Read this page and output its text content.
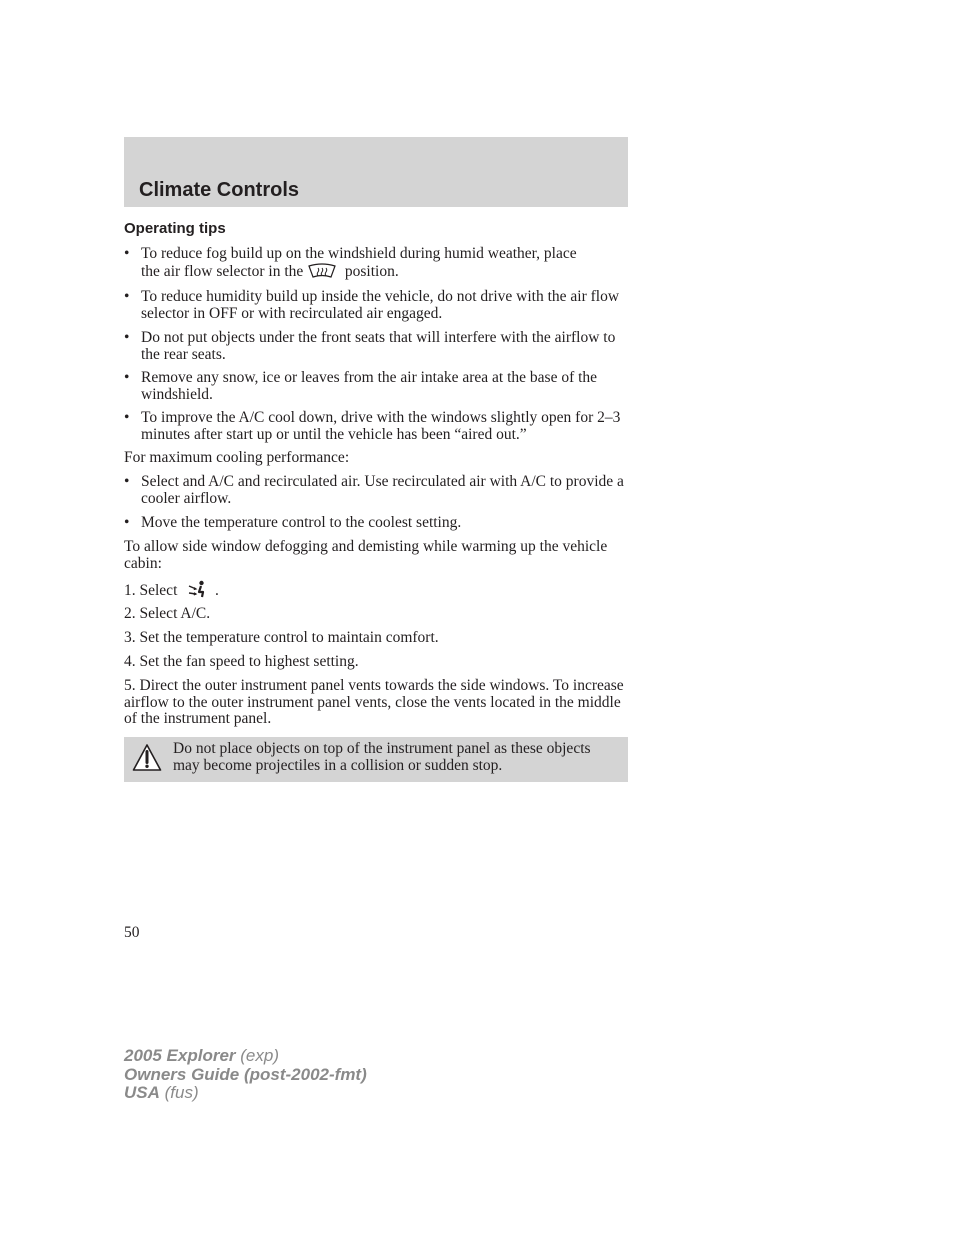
Climate Controls
Operating tips
• To reduce fog build up on the windshield during humid weather, place
the air flow selector in the	position.
• To reduce humidity build up inside the vehicle, do not drive with the air flow selector in OFF or with recirculated air engaged.
• Do not put objects under the front seats that will interfere with the airflow to the rear seats.
• Remove any snow, ice or leaves from the air intake area at the base of the windshield.
• To improve the A/C cool down, drive with the windows slightly open for 2–3 minutes after start up or until the vehicle has been “aired out.”
For maximum cooling performance:
• Select and A/C and recirculated air. Use recirculated air with A/C to provide a cooler airflow.
• Move the temperature control to the coolest setting.
To allow side window defogging and demisting while warming up the vehicle cabin:
1. Select .
2. Select A/C.
3. Set the temperature control to maintain comfort.
4. Set the fan speed to highest setting.
5. Direct the outer instrument panel vents towards the side windows. To increase airflow to the outer instrument panel vents, close the vents located in the middle of the instrument panel.
Do not place objects on top of the instrument panel as these objects may become projectiles in a collision or sudden stop.
50
2005 Explorer (exp)
Owners Guide (post-2002-fmt)
USA (fus)
